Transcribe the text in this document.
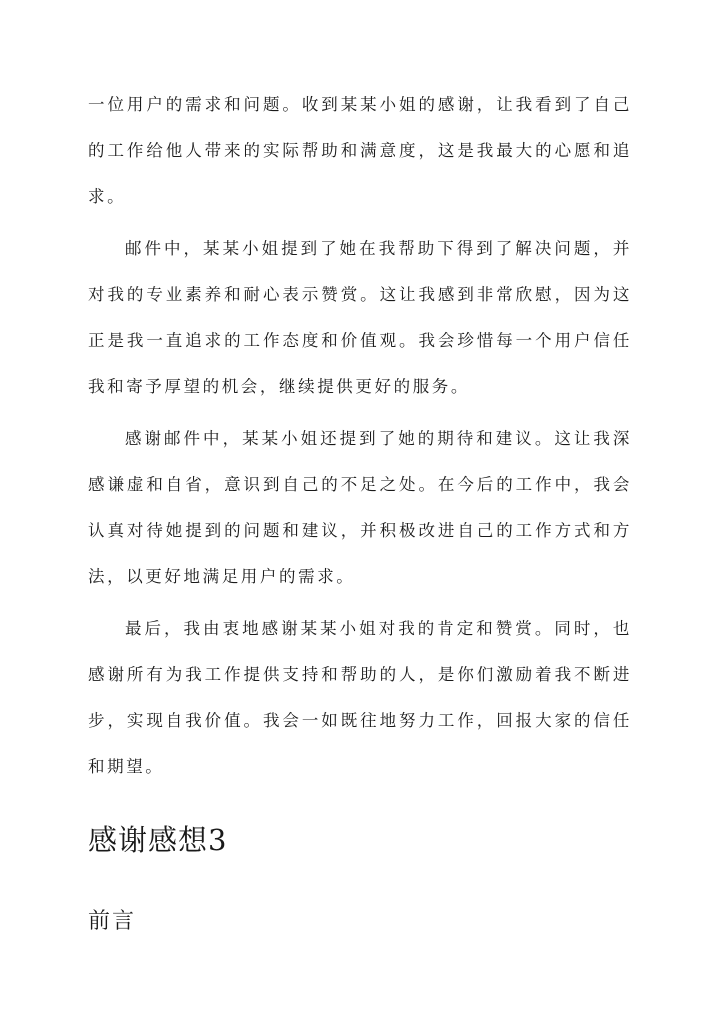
一位用户的需求和问题。收到某某小姐的感谢，让我看到了自己的工作给他人带来的实际帮助和满意度，这是我最大的心愿和追求。

邮件中，某某小姐提到了她在我帮助下得到了解决问题，并对我的专业素养和耐心表示赞赏。这让我感到非常欣慰，因为这正是我一直追求的工作态度和价值观。我会珍惜每一个用户信任我和寄予厚望的机会，继续提供更好的服务。

感谢邮件中，某某小姐还提到了她的期待和建议。这让我深感谦虚和自省，意识到自己的不足之处。在今后的工作中，我会认真对待她提到的问题和建议，并积极改进自己的工作方式和方法，以更好地满足用户的需求。

最后，我由衷地感谢某某小姐对我的肯定和赞赏。同时，也感谢所有为我工作提供支持和帮助的人，是你们激励着我不断进步，实现自我价值。我会一如既往地努力工作，回报大家的信任和期望。

感谢感想3
前言
